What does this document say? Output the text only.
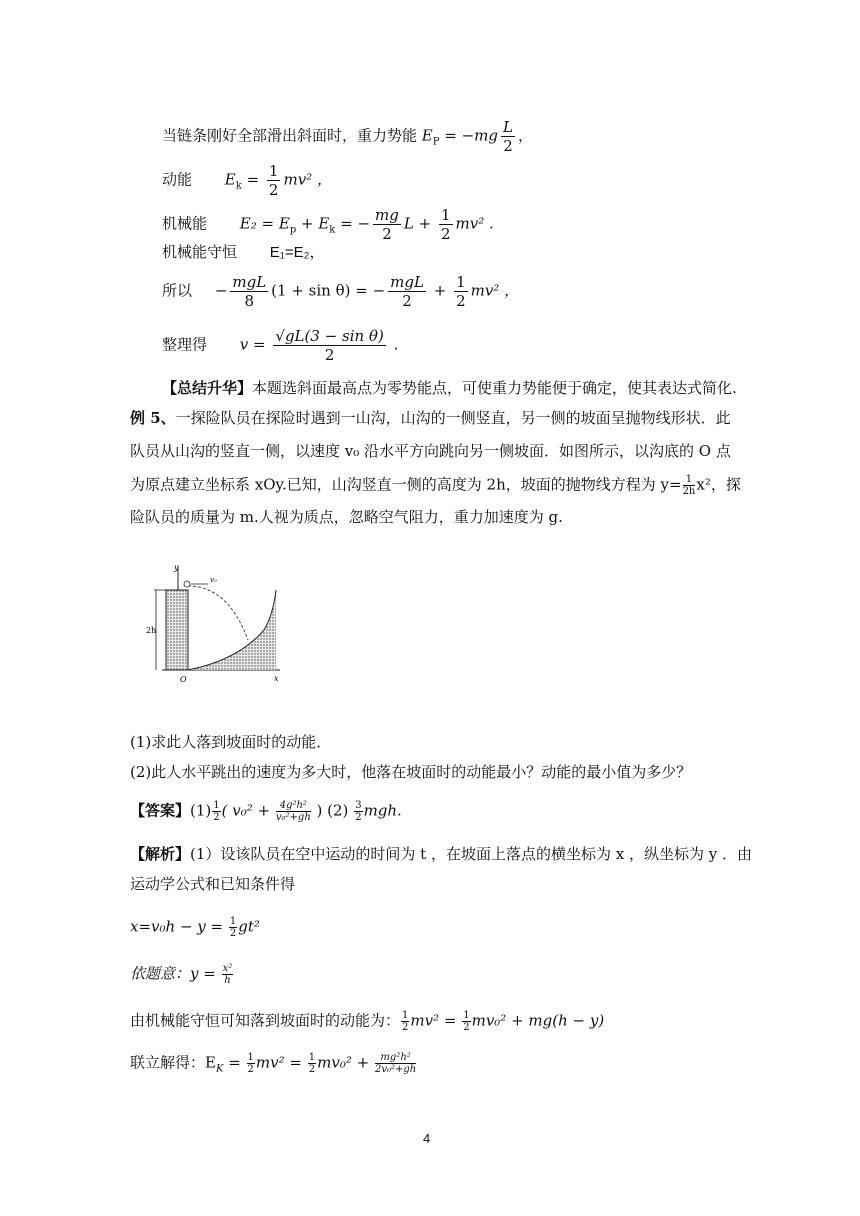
当链条刚好全部滑出斜面时，重力势能 $E_P = -mg \frac{L}{2}$ ，
动能 $E_k = \frac{1}{2} mv^2$ ，
机械能 $E_2 = E_p + E_k$ = − $\frac{mg}{2}$ $L + \frac{1}{2} mv^2$ .
机械能守恒 E₁=E₂，
所以 − $\frac{\text{mgL}}{8} (1 + \sin \theta)$ = − $\frac{\text{mgL}}{2} + \frac{1}{2} mv^2$ ，
整理得 $v = \frac{\text{√gL(3 − sin θ)}}{2}$ .
【总结升华】本题选斜面最高点为零势能点，可使重力势能便于确定，使其表达式简化.
例 5、一探险队员在探险时遇到一山沟，山沟的一侧竖直，另一侧的坡面呈抛物线形状．此
队员从山沟的竖直一侧，以速度 v₀ 沿水平方向跳向另一侧坡面．如图所示，以沟底的 O 点
为原点建立坐标系 xOy.已知，山沟竖直一侧的高度为 2h，坡面的抛物线方程为 $y= \frac{1}{2h} x^2$，探
险队员的质量为 m.人视为质点，忽略空气阻力，重力加速度为 g.
y
x
2h
v₀
O
(1)求此人落到坡面时的动能．
(2)此人水平跳出的速度为多大时，他落在坡面时的动能最小？动能的最小值为多少？
【答案】$(1) \frac{1}{2}$ ( $v_0^2 + \frac{\text{4g²h²}}{\text{v₀²+gh}}$ ) $(2) \frac{3}{2}$ mgh.
【解析】(1）设该队员在空中运动的时间为 t ，在坡面上落点的横坐标为 x ，纵坐标为 y ．由
运动学公式和已知条件得
$x=v_0h - y = \frac{1}{2} gt^2$
依题意：$y = \frac{\text{x²}}{h}$
由机械能守恒可知落到坡面时的动能为： $\frac{1}{2} mv^2 = \frac{1}{2} mv_0^2 + mg(h - y)$
联立解得：$E_K = \frac{1}{2} mv^2 = \frac{1}{2} mv_0^2 + \frac{\text{mg²h²}}{\text{2v₀²+gh}}$
4
